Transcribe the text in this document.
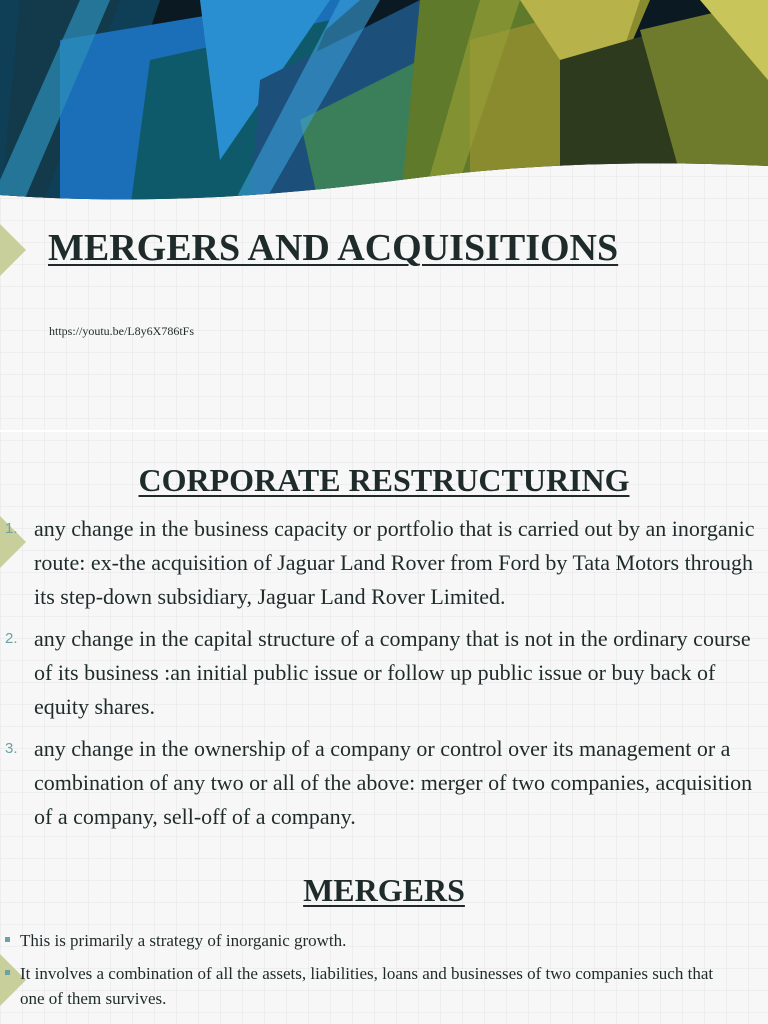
MERGERS AND ACQUISITIONS
https://youtu.be/L8y6X786tFs
CORPORATE RESTRUCTURING
1. any change in the business capacity or portfolio that is carried out by an inorganic route: ex-the acquisition of Jaguar Land Rover from Ford by Tata Motors through its step-down subsidiary, Jaguar Land Rover Limited.
2. any change in the capital structure of a company that is not in the ordinary course of its business :an initial public issue or follow up public issue or buy back of equity shares.
3. any change in the ownership of a company or control over its management or a combination of any two or all of the above: merger of two companies, acquisition of a company, sell-off of a company.
MERGERS
This is primarily a strategy of inorganic growth.
It involves a combination of all the assets, liabilities, loans and businesses of two companies such that one of them survives.
